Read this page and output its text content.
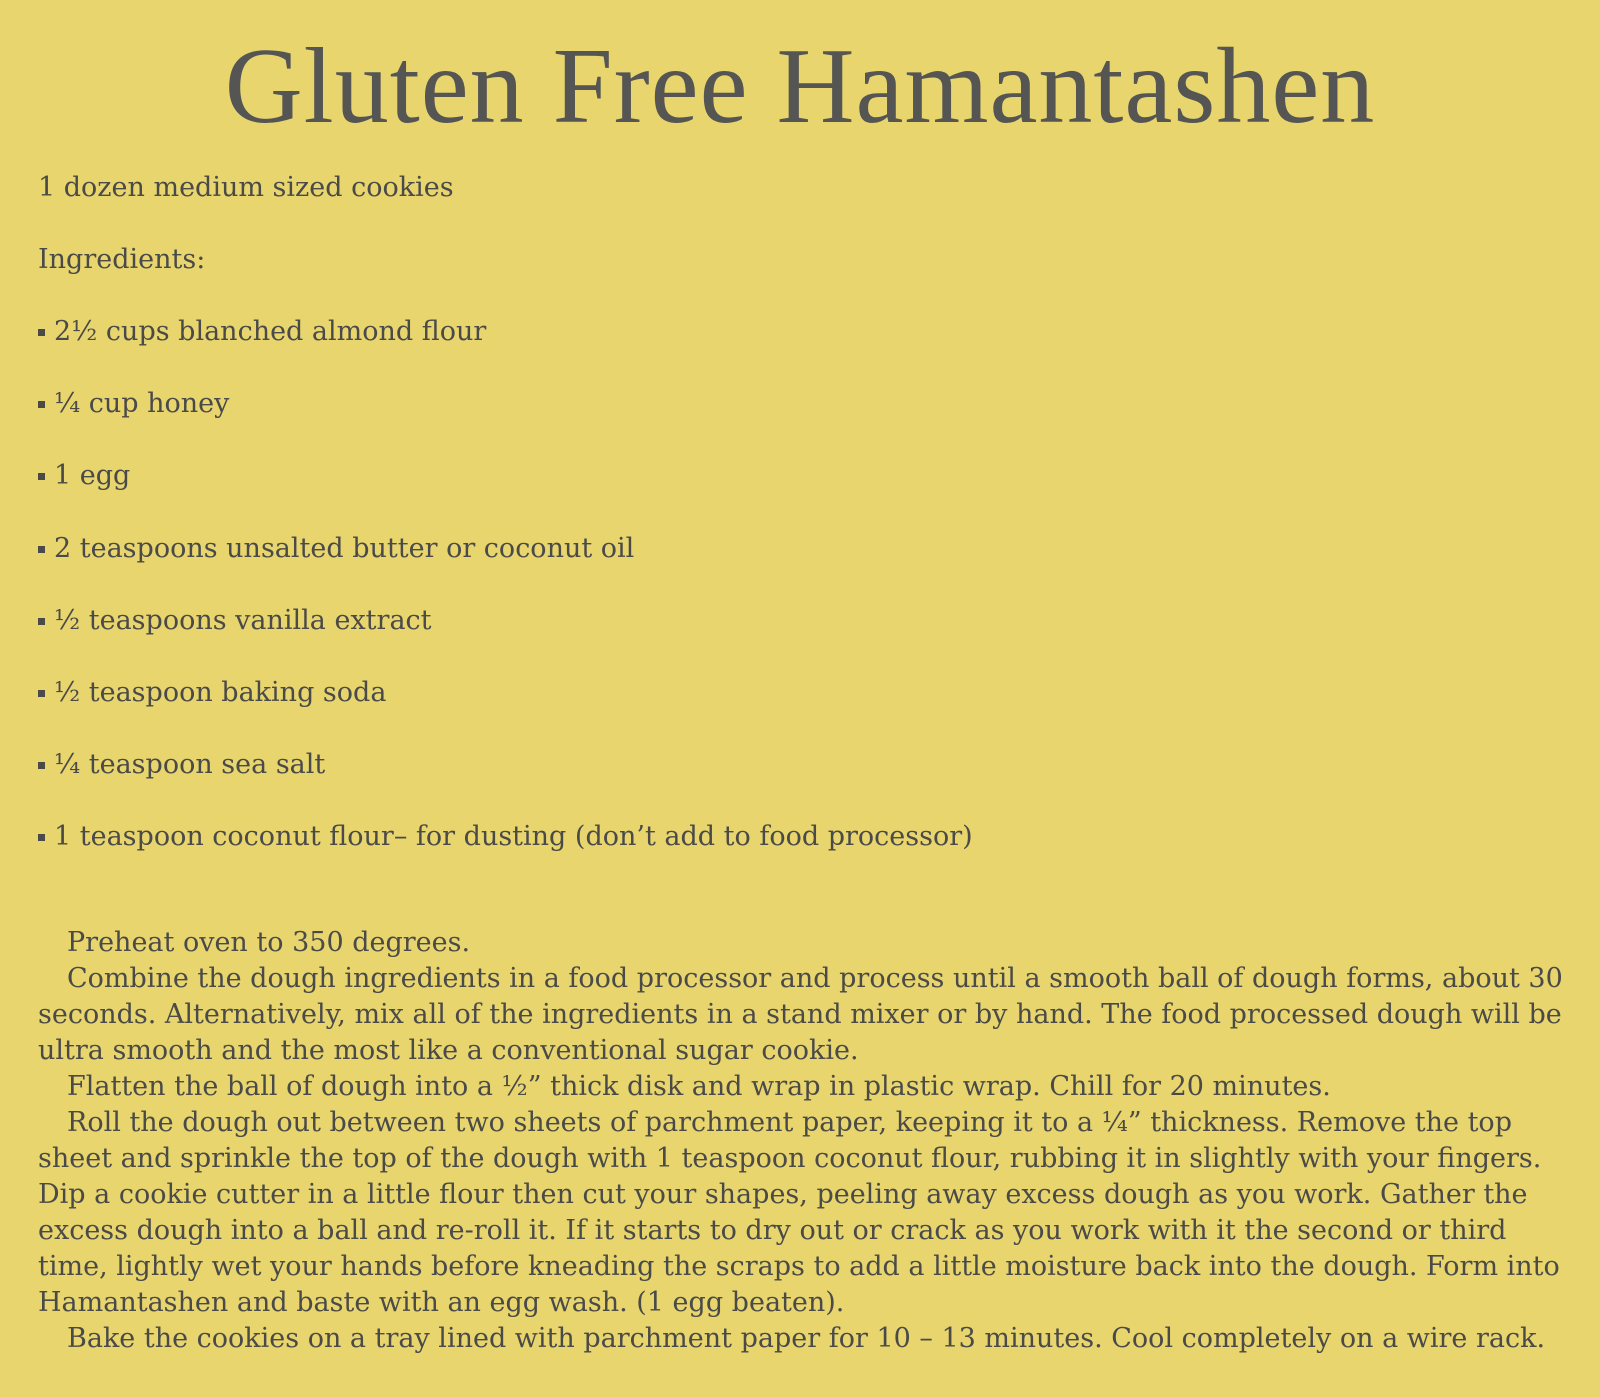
Gluten Free Hamantashen

1 dozen medium sized cookies

Ingredients:

2½ cups blanched almond flour
¼ cup honey
1 egg
2 teaspoons unsalted butter or coconut oil
½ teaspoons vanilla extract
½ teaspoon baking soda
¼ teaspoon sea salt
1 teaspoon coconut flour– for dusting (don’t add to food processor)

Preheat oven to 350 degrees.

Combine the dough ingredients in a food processor and process until a smooth ball of dough forms, about 30 seconds. Alternatively, mix all of the ingredients in a stand mixer or by hand. The food processed dough will be ultra smooth and the most like a conventional sugar cookie.

Flatten the ball of dough into a ½” thick disk and wrap in plastic wrap. Chill for 20 minutes.

Roll the dough out between two sheets of parchment paper, keeping it to a ¼” thickness. Remove the top sheet and sprinkle the top of the dough with 1 teaspoon coconut flour, rubbing it in slightly with your fingers. Dip a cookie cutter in a little flour then cut your shapes, peeling away excess dough as you work. Gather the excess dough into a ball and re-roll it. If it starts to dry out or crack as you work with it the second or third time, lightly wet your hands before kneading the scraps to add a little moisture back into the dough. Form into Hamantashen and baste with an egg wash. (1 egg beaten).

Bake the cookies on a tray lined with parchment paper for 10 – 13 minutes. Cool completely on a wire rack.
